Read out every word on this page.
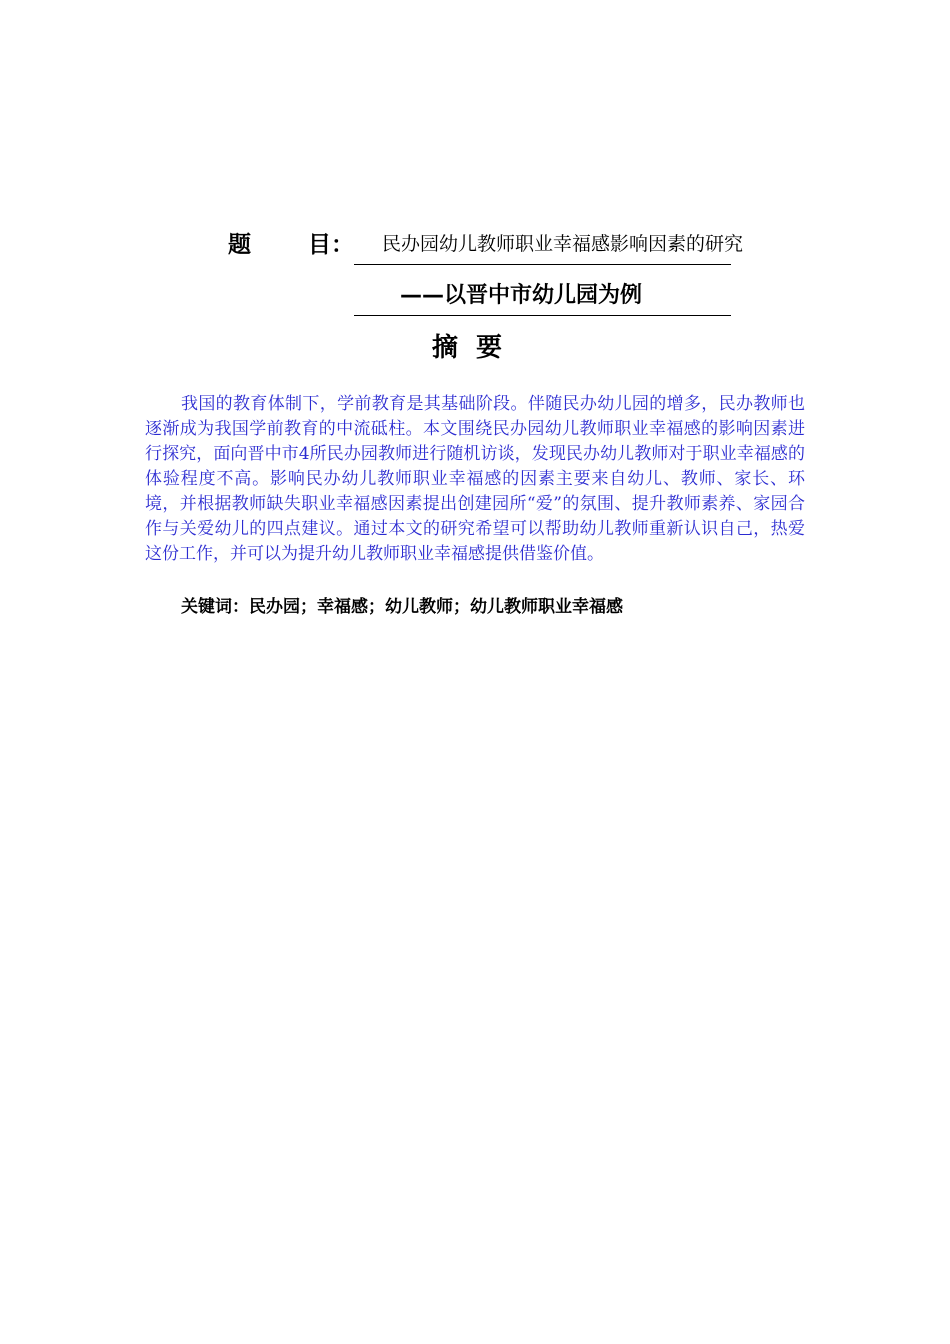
题 目： 民办园幼儿教师职业幸福感影响因素的研究
——以晋中市幼儿园为例
摘要

我国的教育体制下，学前教育是其基础阶段。伴随民办幼儿园的增多，民办教师也逐渐成为我国学前教育的中流砥柱。本文围绕民办园幼儿教师职业幸福感的影响因素进行探究，面向晋中市4所民办园教师进行随机访谈，发现民办幼儿教师对于职业幸福感的体验程度不高。影响民办幼儿教师职业幸福感的因素主要来自幼儿、教师、家长、环境，并根据教师缺失职业幸福感因素提出创建园所“爱”的氛围、提升教师素养、家园合作与关爱幼儿的四点建议。通过本文的研究希望可以帮助幼儿教师重新认识自己，热爱这份工作，并可以为提升幼儿教师职业幸福感提供借鉴价值。

关键词：民办园；幸福感；幼儿教师；幼儿教师职业幸福感
